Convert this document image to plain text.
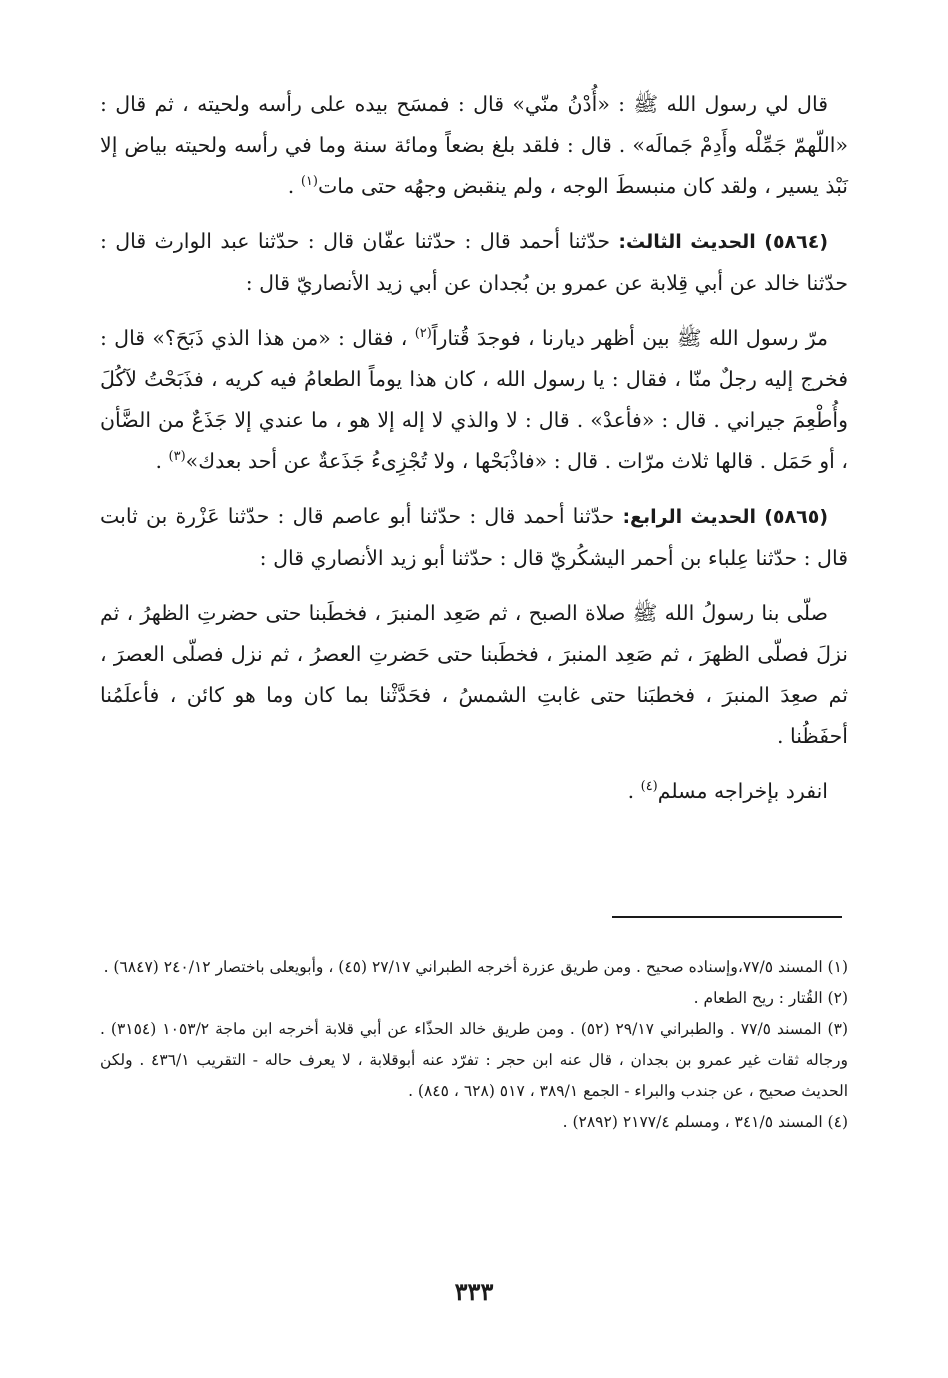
قال لي رسول الله ﷺ : «أُدْنُ منّي» قال : فمسَح بيده على رأسه ولحيته ، ثم قال : «اللّهمّ جَمِّلْه وأَدِمْ جَمالَه» . قال : فلقد بلغ بضعاً ومائة سنة وما في رأسه ولحيته بياض إلا نَبْذ يسير ، ولقد كان منبسطَ الوجه ، ولم ينقبض وجهُه حتى مات$^{(١)}$ .

(٥٨٦٤) الحديث الثالث: حدّثنا أحمد قال : حدّثنا عفّان قال : حدّثنا عبد الوارث قال : حدّثنا خالد عن أبي قِلابة عن عمرو بن بُجدان عن أبي زيد الأنصاريّ قال :

مرّ رسول الله ﷺ بين أظهر ديارنا ، فوجدَ قُتاراً$^{(٢)}$ ، فقال : «من هذا الذي ذَبَحَ؟» قال : فخرج إليه رجلٌ منّا ، فقال : يا رسول الله ، كان هذا يوماً الطعامُ فيه كريه ، فذَبَحْتُ لآكُلَ وأُطْعِمَ جيراني . قال : «فأعدْ» . قال : لا والذي لا إله إلا هو ، ما عندي إلا جَذَعٌ من الضَّأن ، أو حَمَل . قالها ثلاث مرّات . قال : «فاذْبَحْها ، ولا تُجْزِىءُ جَذَعةٌ عن أحد بعدك»$^{(٣)}$ .

(٥٨٦٥) الحديث الرابع: حدّثنا أحمد قال : حدّثنا أبو عاصم قال : حدّثنا عَزْرة بن ثابت قال : حدّثنا عِلباء بن أحمر اليشكُريّ قال : حدّثنا أبو زيد الأنصاري قال :

صلّى بنا رسولُ الله ﷺ صلاة الصبح ، ثم صَعِد المنبرَ ، فخطَبنا حتى حضرتِ الظهرُ ، ثم نزلَ فصلّى الظهرَ ، ثم صَعِد المنبرَ ، فخطَبنا حتى حَضرتِ العصرُ ، ثم نزل فصلّى العصرَ ، ثم صعِدَ المنبرَ ، فخطبَنا حتى غابتِ الشمسُ ، فحَدَّثْنا بما كان وما هو كائن ، فأعلَمُنا أحفَظُنا .

انفرد بإخراجه مسلم$^{(٤)}$ .

(١) المسند ٧٧/٥،وإسناده صحيح . ومن طريق عزرة أخرجه الطبراني ٢٧/١٧ (٤٥) ، وأبويعلى باختصار ٢٤٠/١٢ (٦٨٤٧) .

(٢) القُتار : ريح الطعام .

(٣) المسند ٧٧/٥ . والطبراني ٢٩/١٧ (٥٢) . ومن طريق خالد الحذّاء عن أبي قلابة أخرجه ابن ماجة ١٠٥٣/٢ (٣١٥٤) . ورجاله ثقات غير عمرو بن بجدان ، قال عنه ابن حجر : تفرّد عنه أبوقلابة ، لا يعرف حاله - التقريب ٤٣٦/١ . ولكن الحديث صحيح ، عن جندب والبراء - الجمع ٣٨٩/١ ، ٥١٧ (٦٢٨ ، ٨٤٥) .

(٤) المسند ٣٤١/٥ ، ومسلم ٢١٧٧/٤ (٢٨٩٢) .

٣٣٣
